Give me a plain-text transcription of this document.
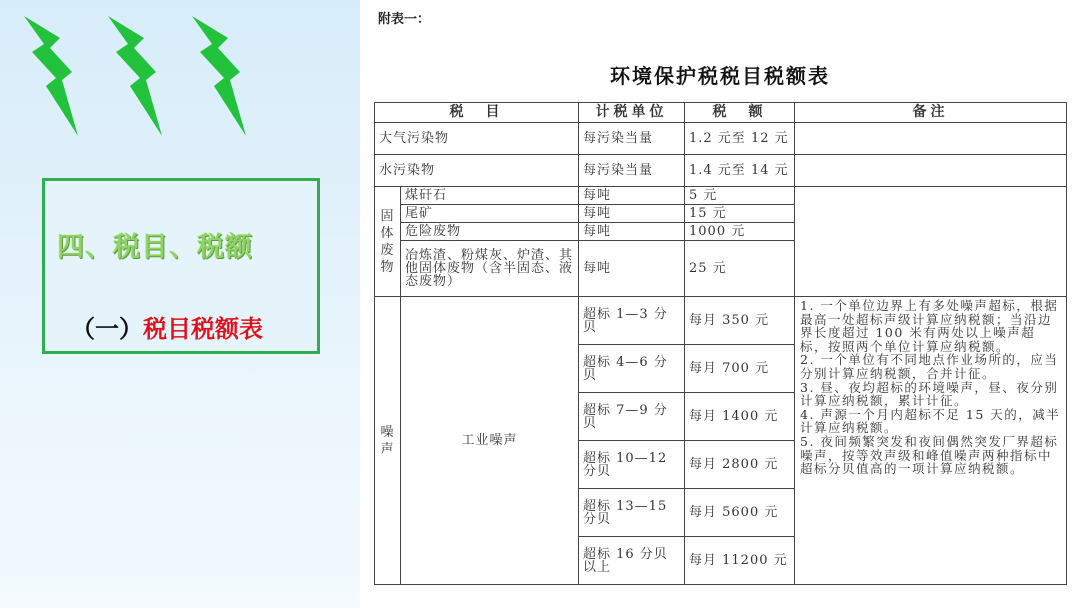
四、税目、税额
（一）税目税额表
附表一：
环境保护税税目税额表
税　目		计税单位	税　额	备注
大气污染物		每污染当量	1.2 元至 12 元	
水污染物		每污染当量	1.4 元至 14 元	
固体废物	煤矸石	每吨	5 元	
	尾矿	每吨	15 元	
	危险废物	每吨	1000 元	
	冶炼渣、粉煤灰、炉渣、其他固体废物（含半固态、液态废物）	每吨	25 元	
噪声	工业噪声	超标 1—3 分贝	每月 350 元	1. 一个单位边界上有多处噪声超标，根据最高一处超标声级计算应纳税额；当沿边界长度超过 100 米有两处以上噪声超标，按照两个单位计算应纳税额。
2. 一个单位有不同地点作业场所的，应当分别计算应纳税额，合并计征。
3. 昼、夜均超标的环境噪声，昼、夜分别计算应纳税额，累计计征。
4. 声源一个月内超标不足 15 天的，减半计算应纳税额。
5. 夜间频繁突发和夜间偶然突发厂界超标噪声，按等效声级和峰值噪声两种指标中超标分贝值高的一项计算应纳税额。

		超标 4—6 分贝	每月 700 元	
		超标 7—9 分贝	每月 1400 元	
		超标 10—12 分贝	每月 2800 元	
		超标 13—15 分贝	每月 5600 元	
		超标 16 分贝以上	每月 11200 元	
